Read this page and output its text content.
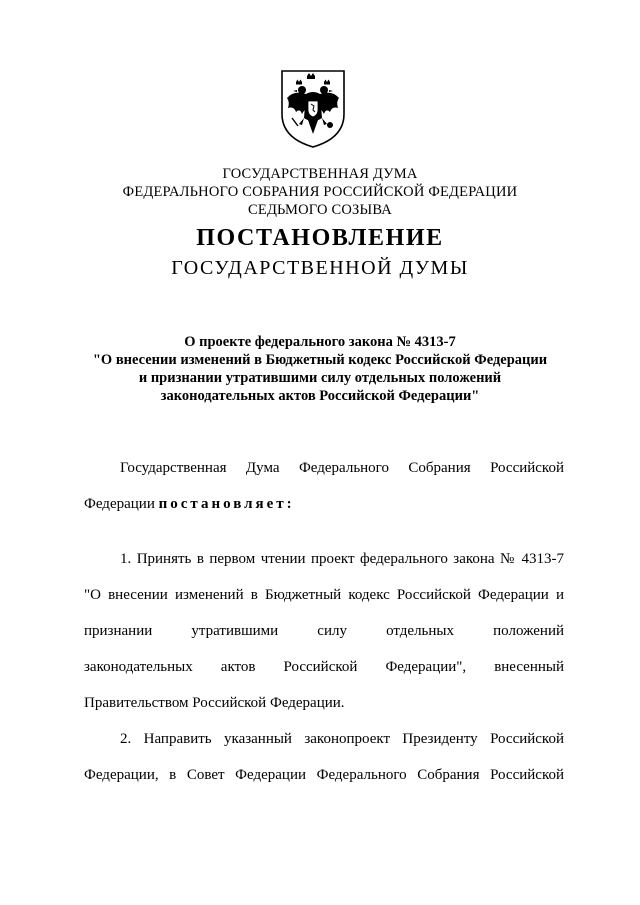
ГОСУДАРСТВЕННАЯ ДУМА
ФЕДЕРАЛЬНОГО СОБРАНИЯ РОССИЙСКОЙ ФЕДЕРАЦИИ
СЕДЬМОГО СОЗЫВА
ПОСТАНОВЛЕНИЕ
ГОСУДАРСТВЕННОЙ ДУМЫ
О проекте федерального закона № 4313-7
"О внесении изменений в Бюджетный кодекс Российской Федерации
и признании утратившими силу отдельных положений
законодательных актов Российской Федерации"
Государственная Дума Федерального Собрания Российской
Федерации постановляет:
1. Принять в первом чтении проект федерального закона № 4313-7
"О внесении изменений в Бюджетный кодекс Российской Федерации и
признании утратившими силу отдельных положений
законодательных актов Российской Федерации", внесенный
Правительством Российской Федерации.
2. Направить указанный законопроект Президенту Российской
Федерации, в Совет Федерации Федерального Собрания Российской
